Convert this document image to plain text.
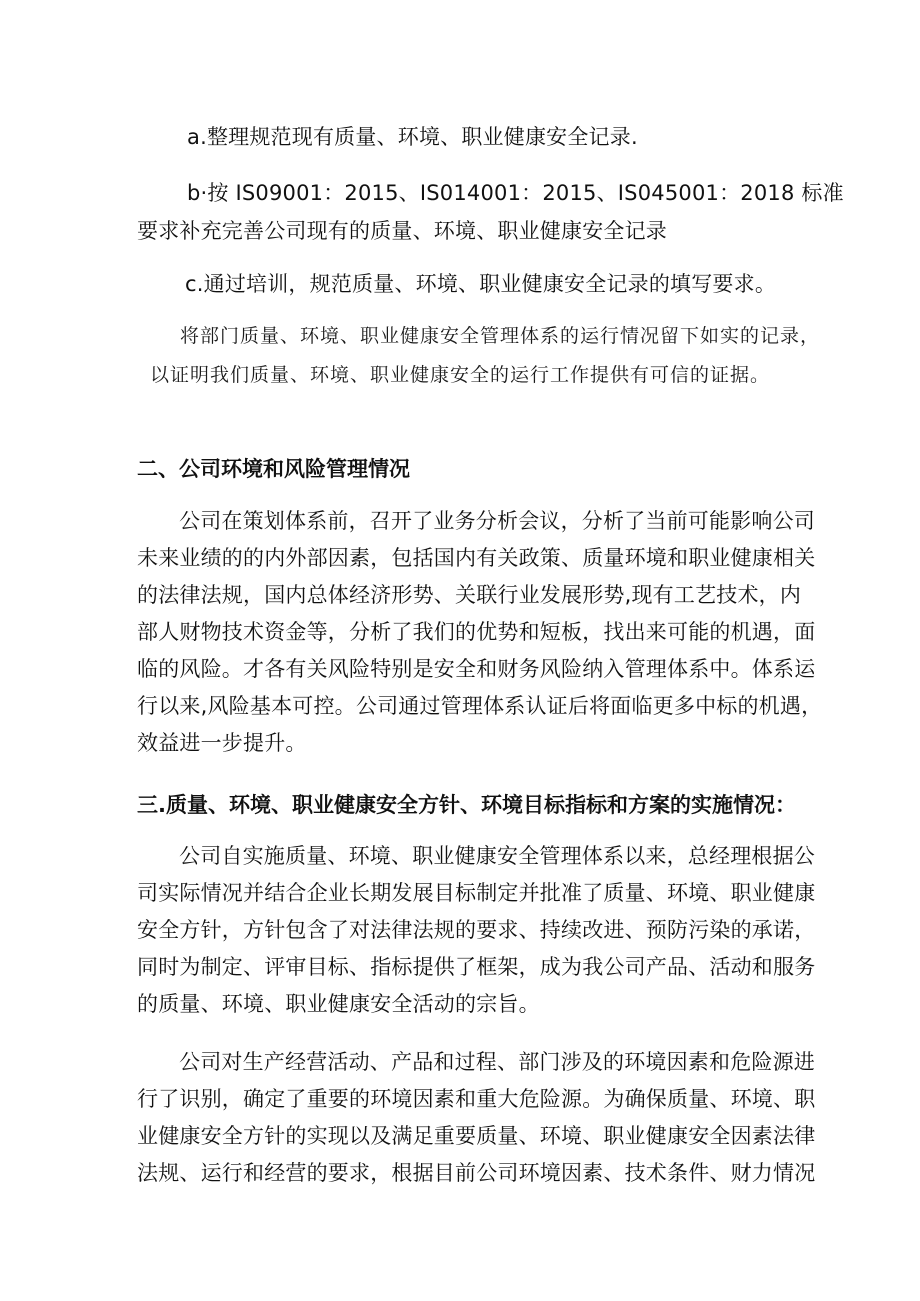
a.整理规范现有质量、环境、职业健康安全记录.

b·按 IS09001：2015、IS014001：2015、IS045001：2018 标准

要求补充完善公司现有的质量、环境、职业健康安全记录

c.通过培训，规范质量、环境、职业健康安全记录的填写要求。

将部门质量、环境、职业健康安全管理体系的运行情况留下如实的记录，

以证明我们质量、环境、职业健康安全的运行工作提供有可信的证据。

二、公司环境和风险管理情况
公司在策划体系前，召开了业务分析会议，分析了当前可能影响公司
未来业绩的的内外部因素，包括国内有关政策、质量环境和职业健康相关
的法律法规，国内总体经济形势、关联行业发展形势,现有工艺技术，内
部人财物技术资金等，分析了我们的优势和短板，找出来可能的机遇，面
临的风险。才各有关风险特别是安全和财务风险纳入管理体系中。体系运
行以来,风险基本可控。公司通过管理体系认证后将面临更多中标的机遇，
效益进一步提升。
三.质量、环境、职业健康安全方针、环境目标指标和方案的实施情况：
公司自实施质量、环境、职业健康安全管理体系以来，总经理根据公
司实际情况并结合企业长期发展目标制定并批准了质量、环境、职业健康
安全方针，方针包含了对法律法规的要求、持续改进、预防污染的承诺，
同时为制定、评审目标、指标提供了框架，成为我公司产品、活动和服务
的质量、环境、职业健康安全活动的宗旨。
公司对生产经营活动、产品和过程、部门涉及的环境因素和危险源进
行了识别，确定了重要的环境因素和重大危险源。为确保质量、环境、职
业健康安全方针的实现以及满足重要质量、环境、职业健康安全因素法律
法规、运行和经营的要求，根据目前公司环境因素、技术条件、财力情况
